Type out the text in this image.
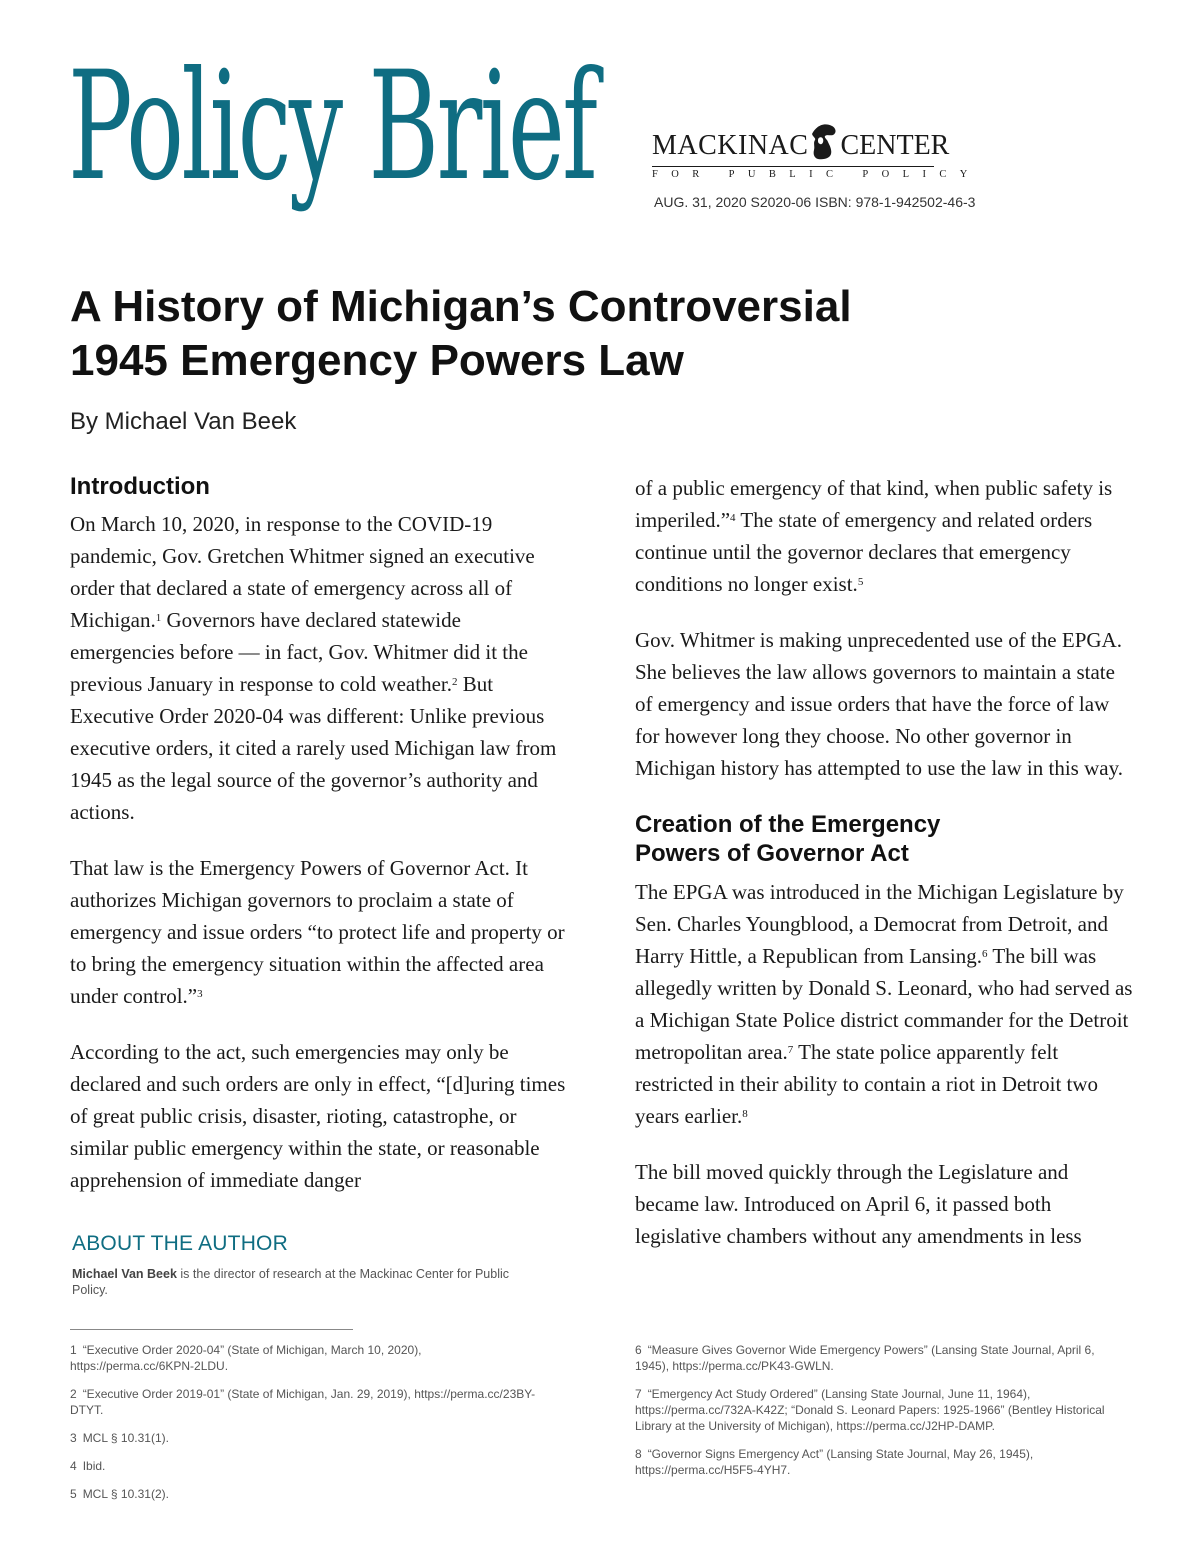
Policy Brief MACKINAC CENTER
FOR PUBLIC POLICY
AUG. 31, 2020 S2020-06 ISBN: 978-1-942502-46-3
A History of Michigan’s Controversial
1945 Emergency Powers Law
By Michael Van Beek
Introduction

On March 10, 2020, in response to the COVID-19 pandemic, Gov. Gretchen Whitmer signed an executive order that declared a state of emergency across all of Michigan.$^1$ Governors have declared statewide emergencies before — in fact, Gov. Whitmer did it the previous January in response to cold weather.$^2$ But Executive Order 2020-04 was different: Unlike previous executive orders, it cited a rarely used Michigan law from 1945 as the legal source of the governor’s authority and actions.

That law is the Emergency Powers of Governor Act. It authorizes Michigan governors to proclaim a state of emergency and issue orders “to protect life and property or to bring the emergency situation within the affected area under control.”$^3$

According to the act, such emergencies may only be declared and such orders are only in effect, “[d]uring times of great public crisis, disaster, rioting, catastrophe, or similar public emergency within the state, or reasonable apprehension of immediate danger

of a public emergency of that kind, when public safety is imperiled.”$^4$ The state of emergency and related orders continue until the governor declares that emergency conditions no longer exist.$^5$

Gov. Whitmer is making unprecedented use of the EPGA. She believes the law allows governors to maintain a state of emergency and issue orders that have the force of law for however long they choose. No other governor in Michigan history has attempted to use the law in this way.

Creation of the Emergency
Powers of Governor Act

The EPGA was introduced in the Michigan Legislature by Sen. Charles Youngblood, a Democrat from Detroit, and Harry Hittle, a Republican from Lansing.$^6$ The bill was allegedly written by Donald S. Leonard, who had served as a Michigan State Police district commander for the Detroit metropolitan area.$^7$ The state police apparently felt restricted in their ability to contain a riot in Detroit two years earlier.$^8$

The bill moved quickly through the Legislature and became law. Introduced on April 6, it passed both legislative chambers without any amendments in less

ABOUT THE AUTHOR
Michael Van Beek is the director of research at the Mackinac Center for Public Policy.
1 “Executive Order 2020-04” (State of Michigan, March 10, 2020), https://perma.cc/6KPN-2LDU.
2 “Executive Order 2019-01” (State of Michigan, Jan. 29, 2019), https://perma.cc/23BY-DTYT.
3 MCL § 10.31(1).
4 Ibid.
5 MCL § 10.31(2).
6 “Measure Gives Governor Wide Emergency Powers” (Lansing State Journal, April 6, 1945), https://perma.cc/PK43-GWLN.
7 “Emergency Act Study Ordered” (Lansing State Journal, June 11, 1964), https://perma.cc/732A-K42Z; “Donald S. Leonard Papers: 1925-1966” (Bentley Historical Library at the University of Michigan), https://perma.cc/J2HP-DAMP.
8 “Governor Signs Emergency Act” (Lansing State Journal, May 26, 1945), https://perma.cc/H5F5-4YH7.
